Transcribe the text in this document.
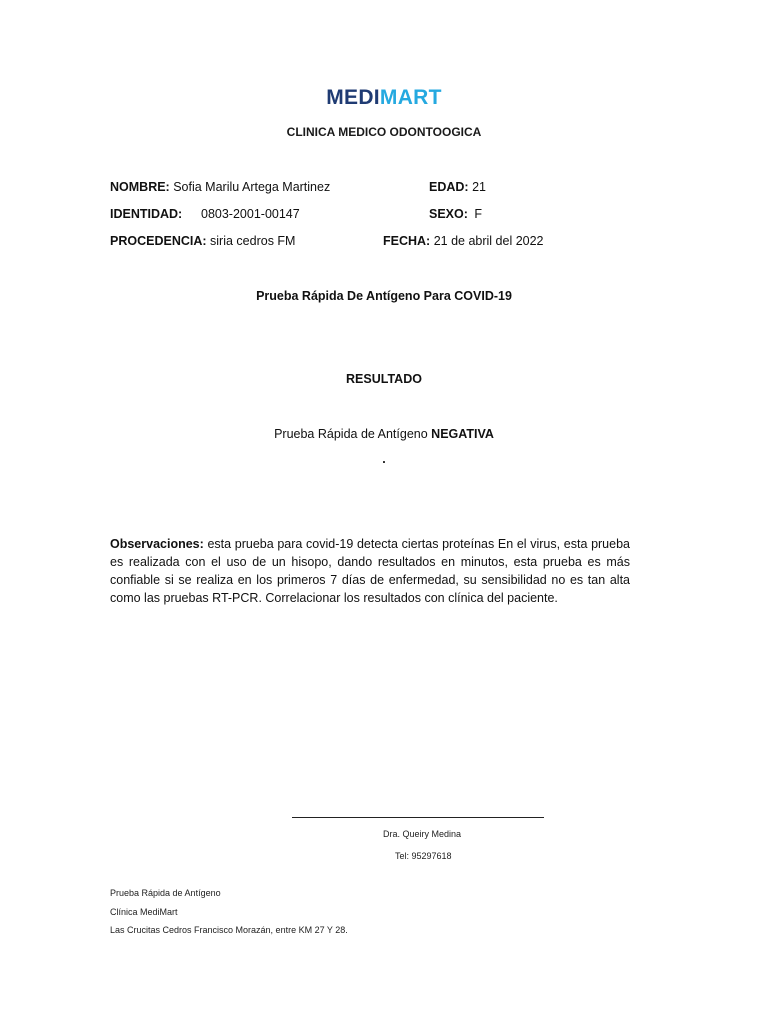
MEDIMART
CLINICA MEDICO ODONTOOGICA
NOMBRE: Sofia Marilu Artega Martinez	EDAD: 21
IDENTIDAD: 0803-2001-00147	SEXO: F
PROCEDENCIA: siria cedros FM	FECHA: 21 de abril del 2022
Prueba Rápida De Antígeno Para COVID-19
RESULTADO
Prueba Rápida de Antígeno NEGATIVA
.
Observaciones: esta prueba para covid-19 detecta ciertas proteínas En el virus, esta prueba es realizada con el uso de un hisopo, dando resultados en minutos, esta prueba es más confiable si se realiza en los primeros 7 días de enfermedad, su sensibilidad no es tan alta como las pruebas RT-PCR. Correlacionar los resultados con clínica del paciente.
Dra. Queiry Medina
Tel: 95297618
Prueba Rápida de Antígeno
Clínica MediMart
Las Crucitas Cedros Francisco Morazán, entre KM 27 Y 28.
